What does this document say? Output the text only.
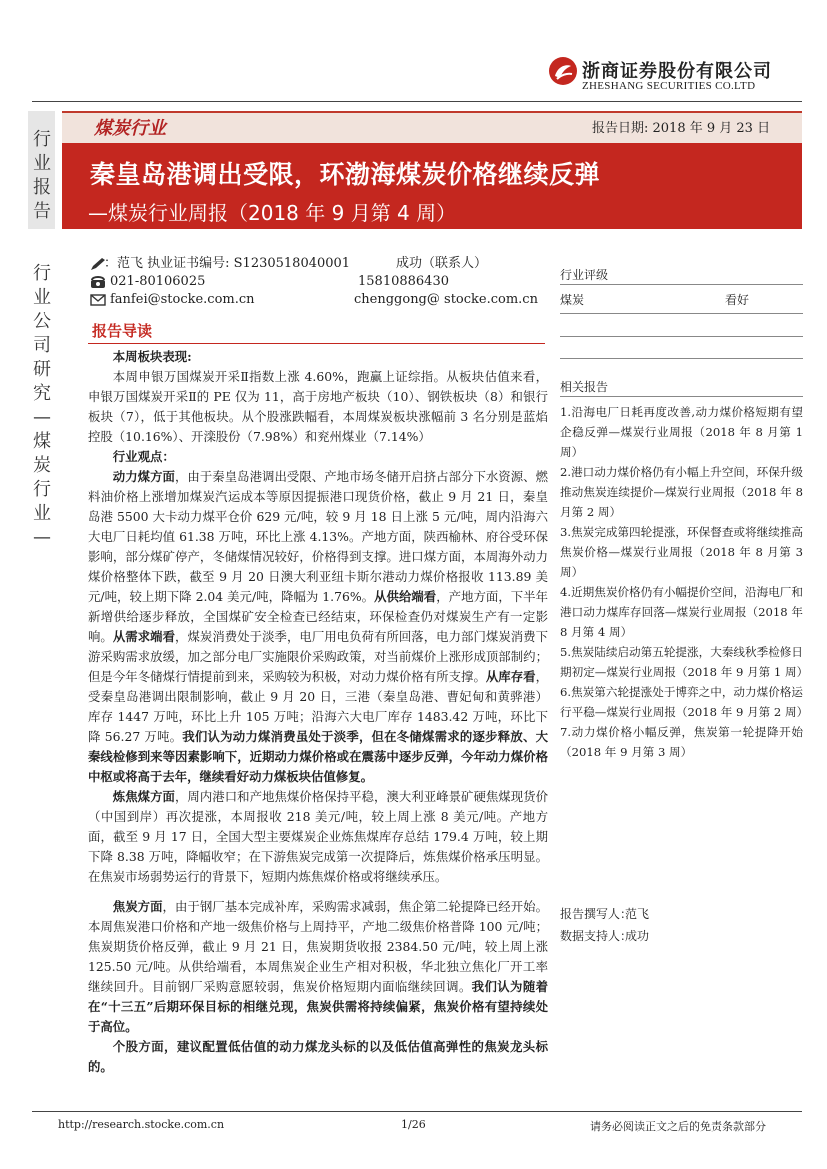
浙商证券股份有限公司
ZHESHANG SECURITIES CO.LTD
行业报告
行业公司研究—煤炭行业—
煤炭行业	报告日期: 2018 年 9 月 23 日
秦皇岛港调出受限，环渤海煤炭价格继续反弹
—煤炭行业周报（2018 年 9 月第 4 周）
：范飞 执业证书编号: S1230518040001	成功（联系人）
021-80106025	15810886430
fanfei@stocke.com.cn	chenggong@ stocke.com.cn
报告导读

本周板块表现:

本周申银万国煤炭开采Ⅱ指数上涨 4.60%，跑赢上证综指。从板块估值来看，申银万国煤炭开采Ⅱ的 PE 仅为 11，高于房地产板块（10）、钢铁板块（8）和银行板块（7），低于其他板块。从个股涨跌幅看，本周煤炭板块涨幅前 3 名分别是蓝焰控股（10.16%）、开滦股份（7.98%）和兖州煤业（7.14%）

行业观点：

动力煤方面，由于秦皇岛港调出受限、产地市场冬储开启挤占部分下水资源、燃料油价格上涨增加煤炭汽运成本等原因提振港口现货价格，截止 9 月 21 日，秦皇岛港 5500 大卡动力煤平仓价 629 元/吨，较 9 月 18 日上涨 5 元/吨，周内沿海六大电厂日耗均值 61.38 万吨，环比上涨 4.13%。产地方面，陕西榆林、府谷受环保影响，部分煤矿停产，冬储煤情况较好，价格得到支撑。进口煤方面，本周海外动力煤价格整体下跌，截至 9 月 20 日澳大利亚纽卡斯尔港动力煤价格报收 113.89 美元/吨，较上期下降 2.04 美元/吨，降幅为 1.76%。从供给端看，产地方面，下半年新增供给逐步释放，全国煤矿安全检查已经结束，环保检查仍对煤炭生产有一定影响。从需求端看，煤炭消费处于淡季，电厂用电负荷有所回落，电力部门煤炭消费下游采购需求放缓，加之部分电厂实施限价采购政策，对当前煤价上涨形成顶部制约；但是今年冬储煤行情提前到来，采购较为积极，对动力煤价格有所支撑。从库存看，受秦皇岛港调出限制影响，截止 9 月 20 日，三港（秦皇岛港、曹妃甸和黄骅港）库存 1447 万吨，环比上升 105 万吨；沿海六大电厂库存 1483.42 万吨，环比下降 56.27 万吨。我们认为动力煤消费虽处于淡季，但在冬储煤需求的逐步释放、大秦线检修到来等因素影响下，近期动力煤价格或在震荡中逐步反弹，今年动力煤价格中枢或将高于去年，继续看好动力煤板块估值修复。

炼焦煤方面，周内港口和产地焦煤价格保持平稳，澳大利亚峰景矿硬焦煤现货价（中国到岸）再次提涨，本周报收 218 美元/吨，较上周上涨 8 美元/吨。产地方面，截至 9 月 17 日，全国大型主要煤炭企业炼焦煤库存总结 179.4 万吨，较上期下降 8.38 万吨，降幅收窄；在下游焦炭完成第一次提降后，炼焦煤价格承压明显。在焦炭市场弱势运行的背景下，短期内炼焦煤价格或将继续承压。

焦炭方面，由于钢厂基本完成补库，采购需求减弱，焦企第二轮提降已经开始。本周焦炭港口价格和产地一级焦价格与上周持平，产地二级焦价格普降 100 元/吨；焦炭期货价格反弹，截止 9 月 21 日，焦炭期货收报 2384.50 元/吨，较上周上涨 125.50 元/吨。从供给端看，本周焦炭企业生产相对积极，华北独立焦化厂开工率继续回升。目前钢厂采购意愿较弱，焦炭价格短期内面临继续回调。我们认为随着在“十三五”后期环保目标的相继兑现，焦炭供需将持续偏紧，焦炭价格有望持续处于高位。

个股方面，建议配置低估值的动力煤龙头标的以及低估值高弹性的焦炭龙头标的。

行业评级
煤炭	看好
相关报告
1.沿海电厂日耗再度改善,动力煤价格短期有望企稳反弹—煤炭行业周报（2018 年 8 月第 1 周）
2.港口动力煤价格仍有小幅上升空间，环保升级推动焦炭连续提价—煤炭行业周报（2018 年 8 月第 2 周）
3.焦炭完成第四轮提涨，环保督查或将继续推高焦炭价格—煤炭行业周报（2018 年 8 月第 3 周）
4.近期焦炭价格仍有小幅提价空间，沿海电厂和港口动力煤库存回落—煤炭行业周报（2018 年 8 月第 4 周）
5.焦炭陆续启动第五轮提涨，大秦线秋季检修日期初定—煤炭行业周报（2018 年 9 月第 1 周）
6.焦炭第六轮提涨处于博弈之中，动力煤价格运行平稳—煤炭行业周报（2018 年 9 月第 2 周）
7.动力煤价格小幅反弹，焦炭第一轮提降开始（2018 年 9 月第 3 周）
报告撰写人：
范飞
数据支持人：
成功
http://research.stocke.com.cn	1/26	请务必阅读正文之后的免责条款部分
